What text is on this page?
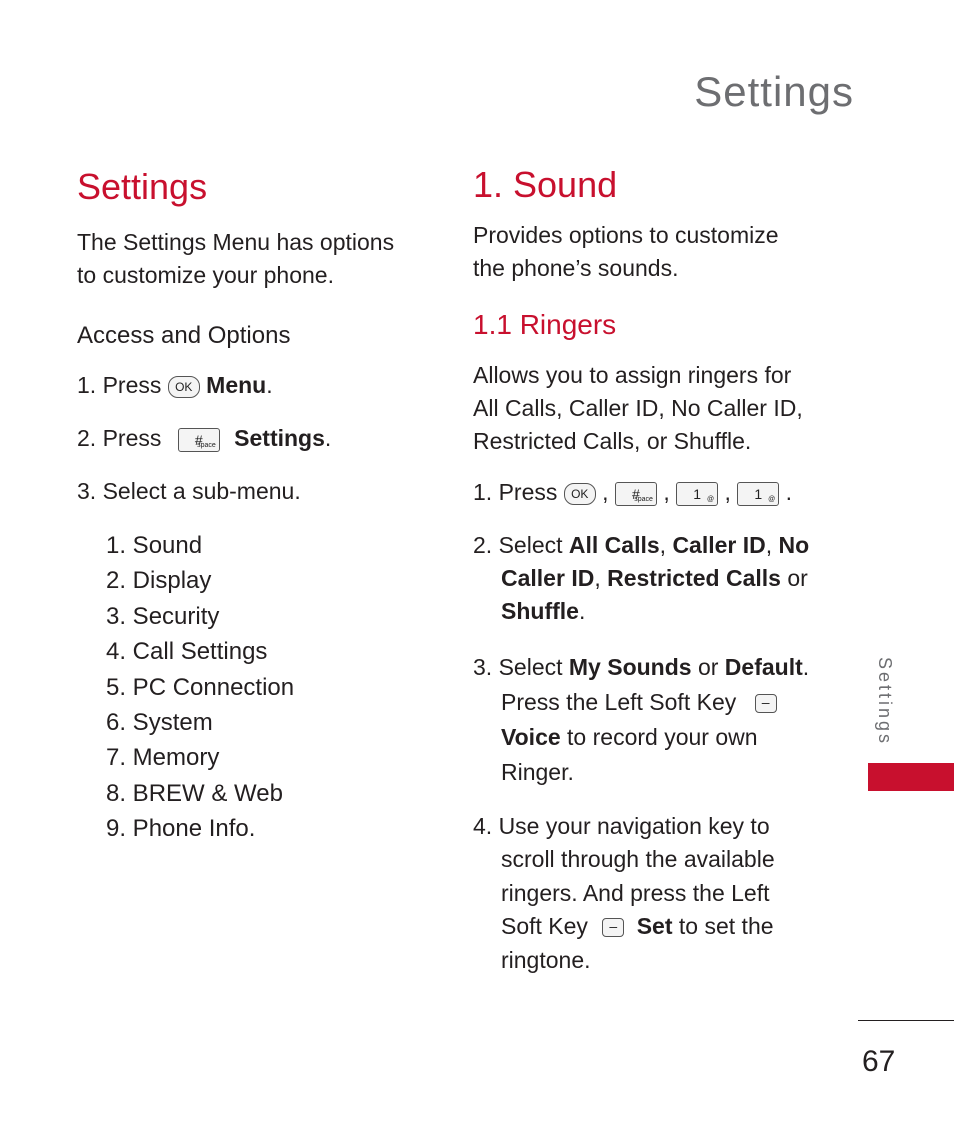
Settings
Settings
The Settings Menu has options to customize your phone.
Access and Options
1. Press OK Menu.
2. Press #
space Settings.
3. Select a sub-menu.
1. Sound
2. Display
3. Security
4. Call Settings
5. PC Connection
6. System
7. Memory
8. BREW & Web
9. Phone Info.
1. Sound
Provides options to customize the phone’s sounds.
1.1 Ringers
Allows you to assign ringers for All Calls, Caller ID, No Caller ID, Restricted Calls, or Shuffle.
1. Press OK , #
space , 1 @ , 1 @ .
2. Select All Calls, Caller ID, No
Caller ID, Restricted Calls or
Shuffle.
3. Select My Sounds or Default.
Press the Left Soft Key –
Voice to record your own
Ringer.
4. Use your navigation key to
scroll through the available
ringers. And press the Left
Soft Key – Set to set the
ringtone.
Settings
67
